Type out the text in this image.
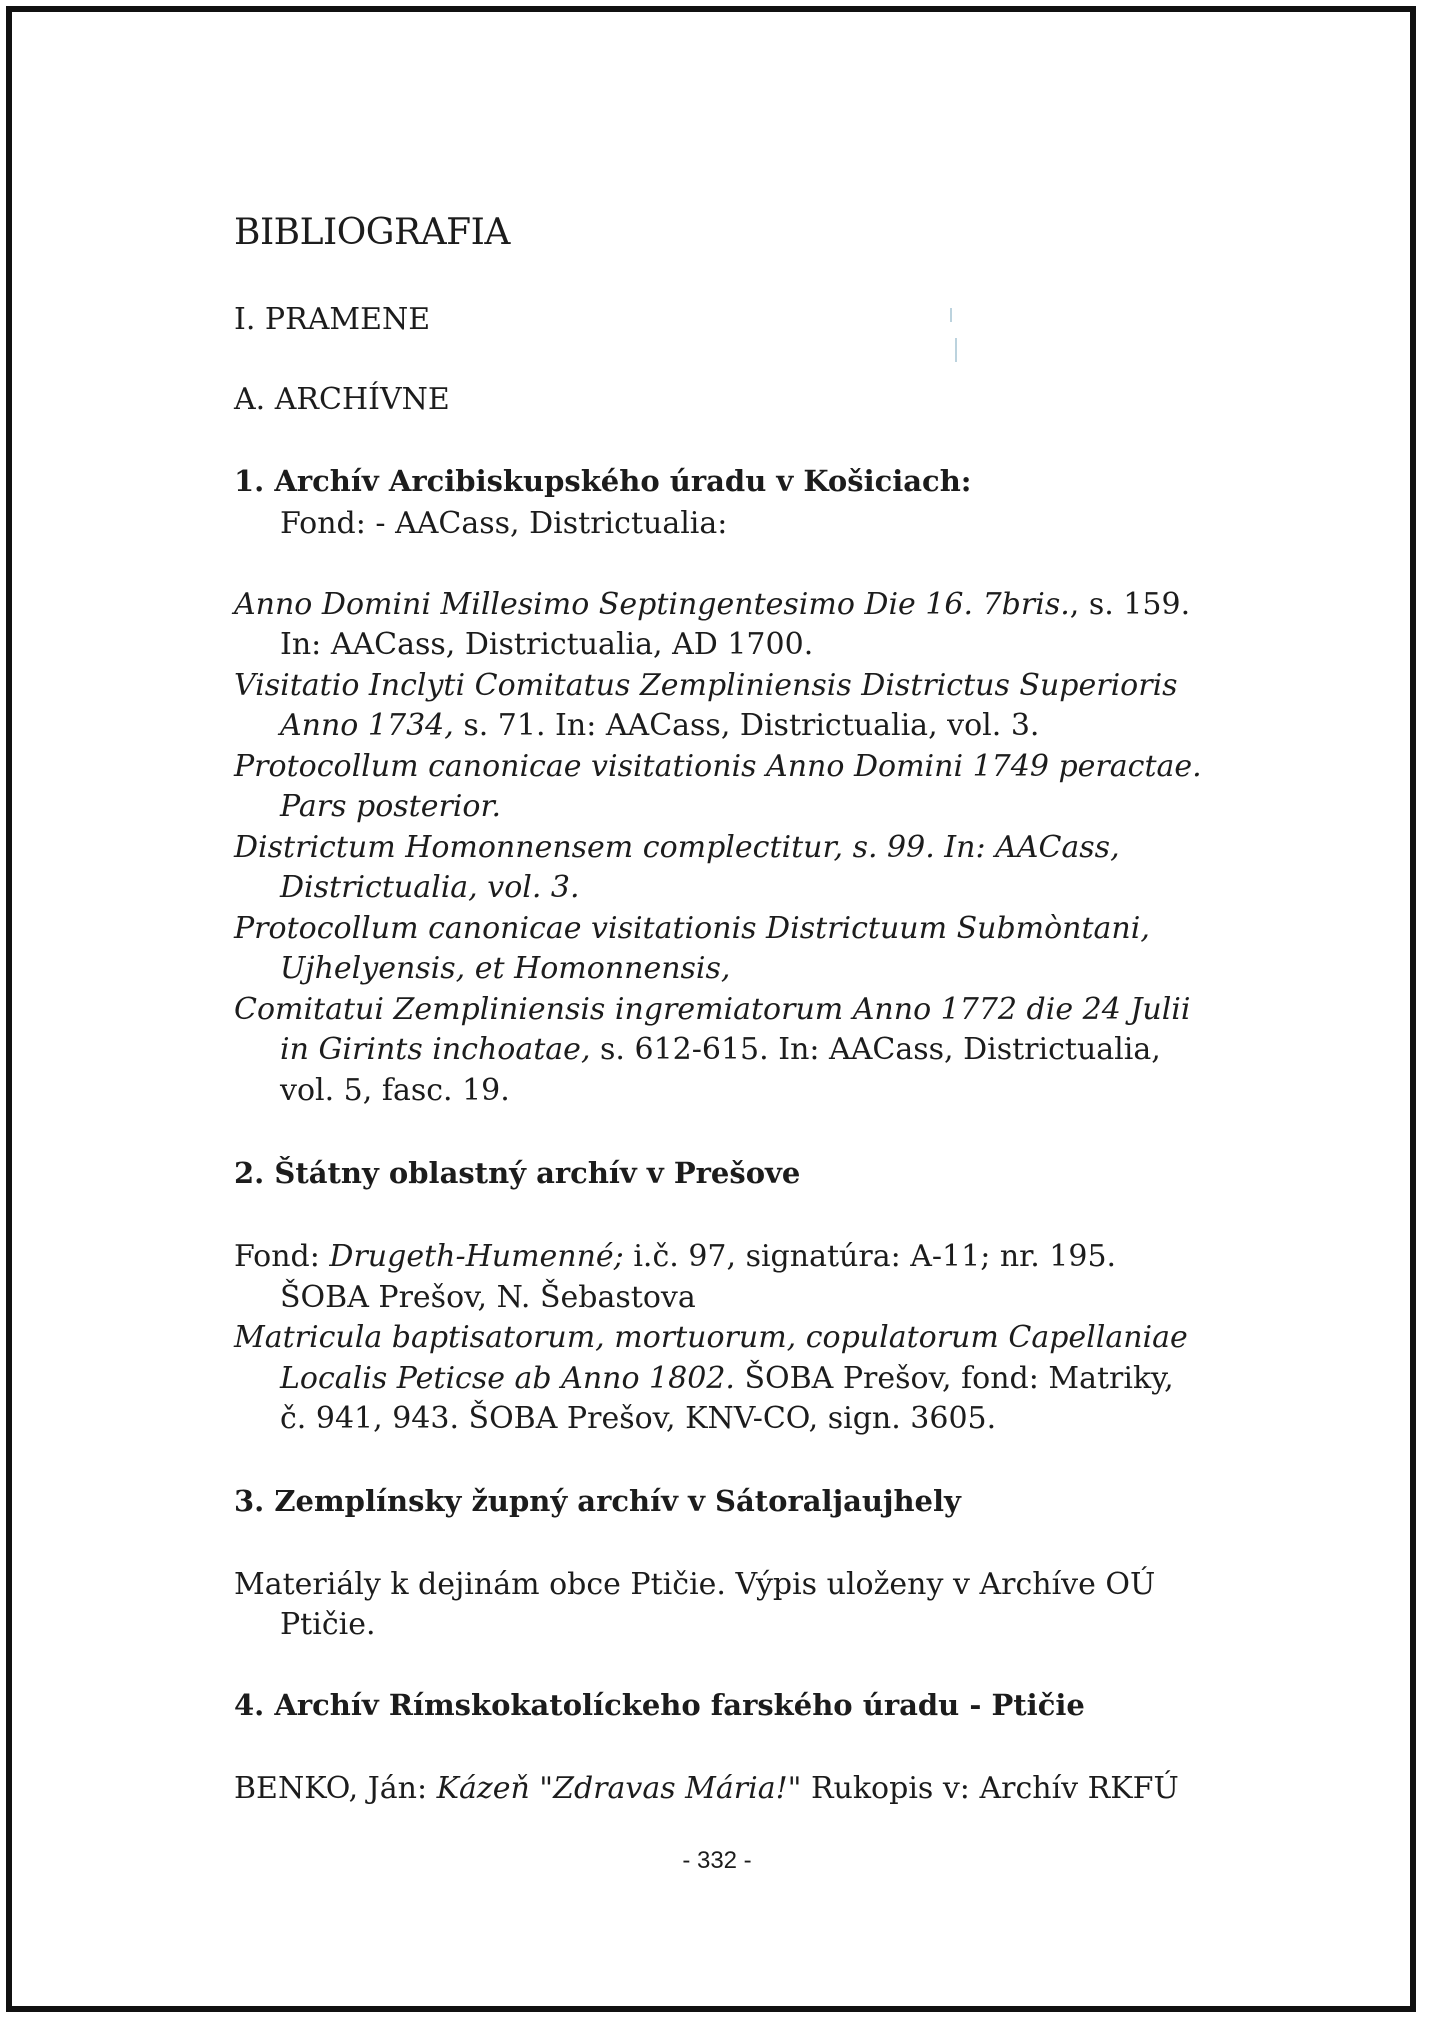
BIBLIOGRAFIA
I. PRAMENE
A. ARCHÍVNE
1. Archív Arcibiskupského úradu v Košiciach:
Fond: - AACass, Districtualia:
Anno Domini Millesimo Septingentesimo Die 16. 7bris., s. 159.
In: AACass, Districtualia, AD 1700.
Visitatio Inclyti Comitatus Zempliniensis Districtus Superioris
Anno 1734, s. 71. In: AACass, Districtualia, vol. 3.
Protocollum canonicae visitationis Anno Domini 1749 peractae.
Pars posterior.
Districtum Homonnensem complectitur, s. 99. In: AACass,
Districtualia, vol. 3.
Protocollum canonicae visitationis Districtuum Submòntani,
Ujhelyensis, et Homonnensis,
Comitatui Zempliniensis ingremiatorum Anno 1772 die 24 Julii
in Girints inchoatae, s. 612-615. In: AACass, Districtualia,
vol. 5, fasc. 19.
2. Štátny oblastný archív v Prešove
Fond: Drugeth-Humenné; i.č. 97, signatúra: A-11; nr. 195.
ŠOBA Prešov, N. Šebastova
Matricula baptisatorum, mortuorum, copulatorum Capellaniae
Localis Peticse ab Anno 1802. ŠOBA Prešov, fond: Matriky,
č. 941, 943. ŠOBA Prešov, KNV-CO, sign. 3605.
3. Zemplínsky župný archív v Sátoraljaujhely
Materiály k dejinám obce Ptičie. Výpis uloženy v Archíve OÚ
Ptičie.
4. Archív Rímskokatolíckeho farského úradu - Ptičie
BENKO, Ján: Kázeň "Zdravas Mária!" Rukopis v: Archív RKFÚ
- 332 -
